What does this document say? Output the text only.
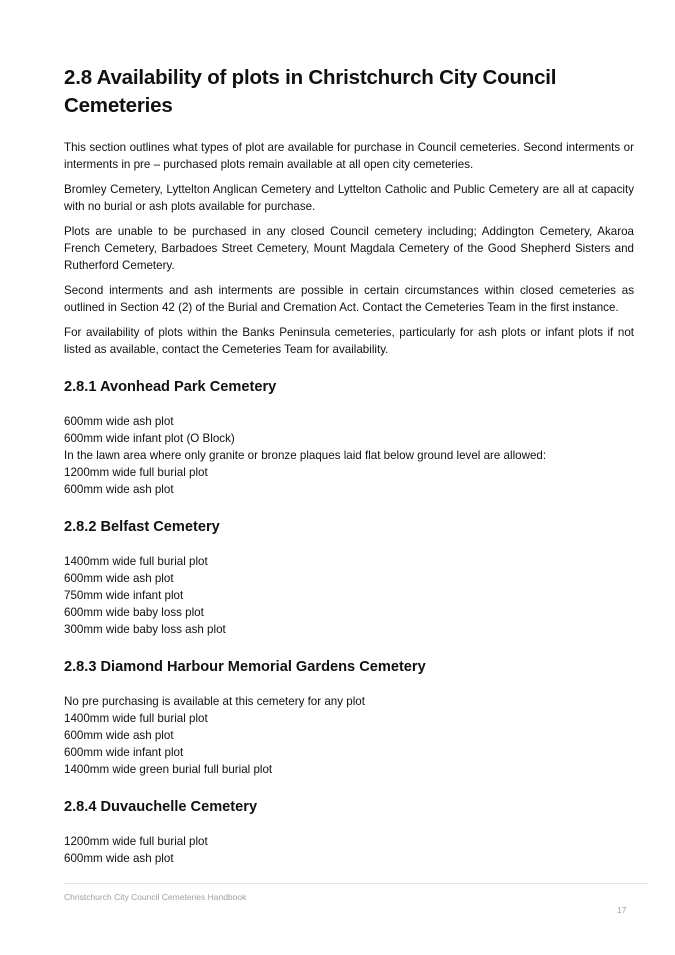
2.8 Availability of plots in Christchurch City Council Cemeteries

This section outlines what types of plot are available for purchase in Council cemeteries. Second interments or interments in pre – purchased plots remain available at all open city cemeteries.

Bromley Cemetery, Lyttelton Anglican Cemetery and Lyttelton Catholic and Public Cemetery are all at capacity with no burial or ash plots available for purchase.

Plots are unable to be purchased in any closed Council cemetery including; Addington Cemetery, Akaroa French Cemetery, Barbadoes Street Cemetery, Mount Magdala Cemetery of the Good Shepherd Sisters and Rutherford Cemetery.

Second interments and ash interments are possible in certain circumstances within closed cemeteries as outlined in Section 42 (2) of the Burial and Cremation Act. Contact the Cemeteries Team in the first instance.

For availability of plots within the Banks Peninsula cemeteries, particularly for ash plots or infant plots if not listed as available, contact the Cemeteries Team for availability.

2.8.1 Avonhead Park Cemetery
600mm wide ash plot
600mm wide infant plot (O Block)
In the lawn area where only granite or bronze plaques laid flat below ground level are allowed:
1200mm wide full burial plot
600mm wide ash plot
2.8.2 Belfast Cemetery
1400mm wide full burial plot
600mm wide ash plot
750mm wide infant plot
600mm wide baby loss plot
300mm wide baby loss ash plot
2.8.3 Diamond Harbour Memorial Gardens Cemetery
No pre purchasing is available at this cemetery for any plot
1400mm wide full burial plot
600mm wide ash plot
600mm wide infant plot
1400mm wide green burial full burial plot
2.8.4 Duvauchelle Cemetery
1200mm wide full burial plot
600mm wide ash plot
Christchurch City Council Cemeteries Handbook
17
